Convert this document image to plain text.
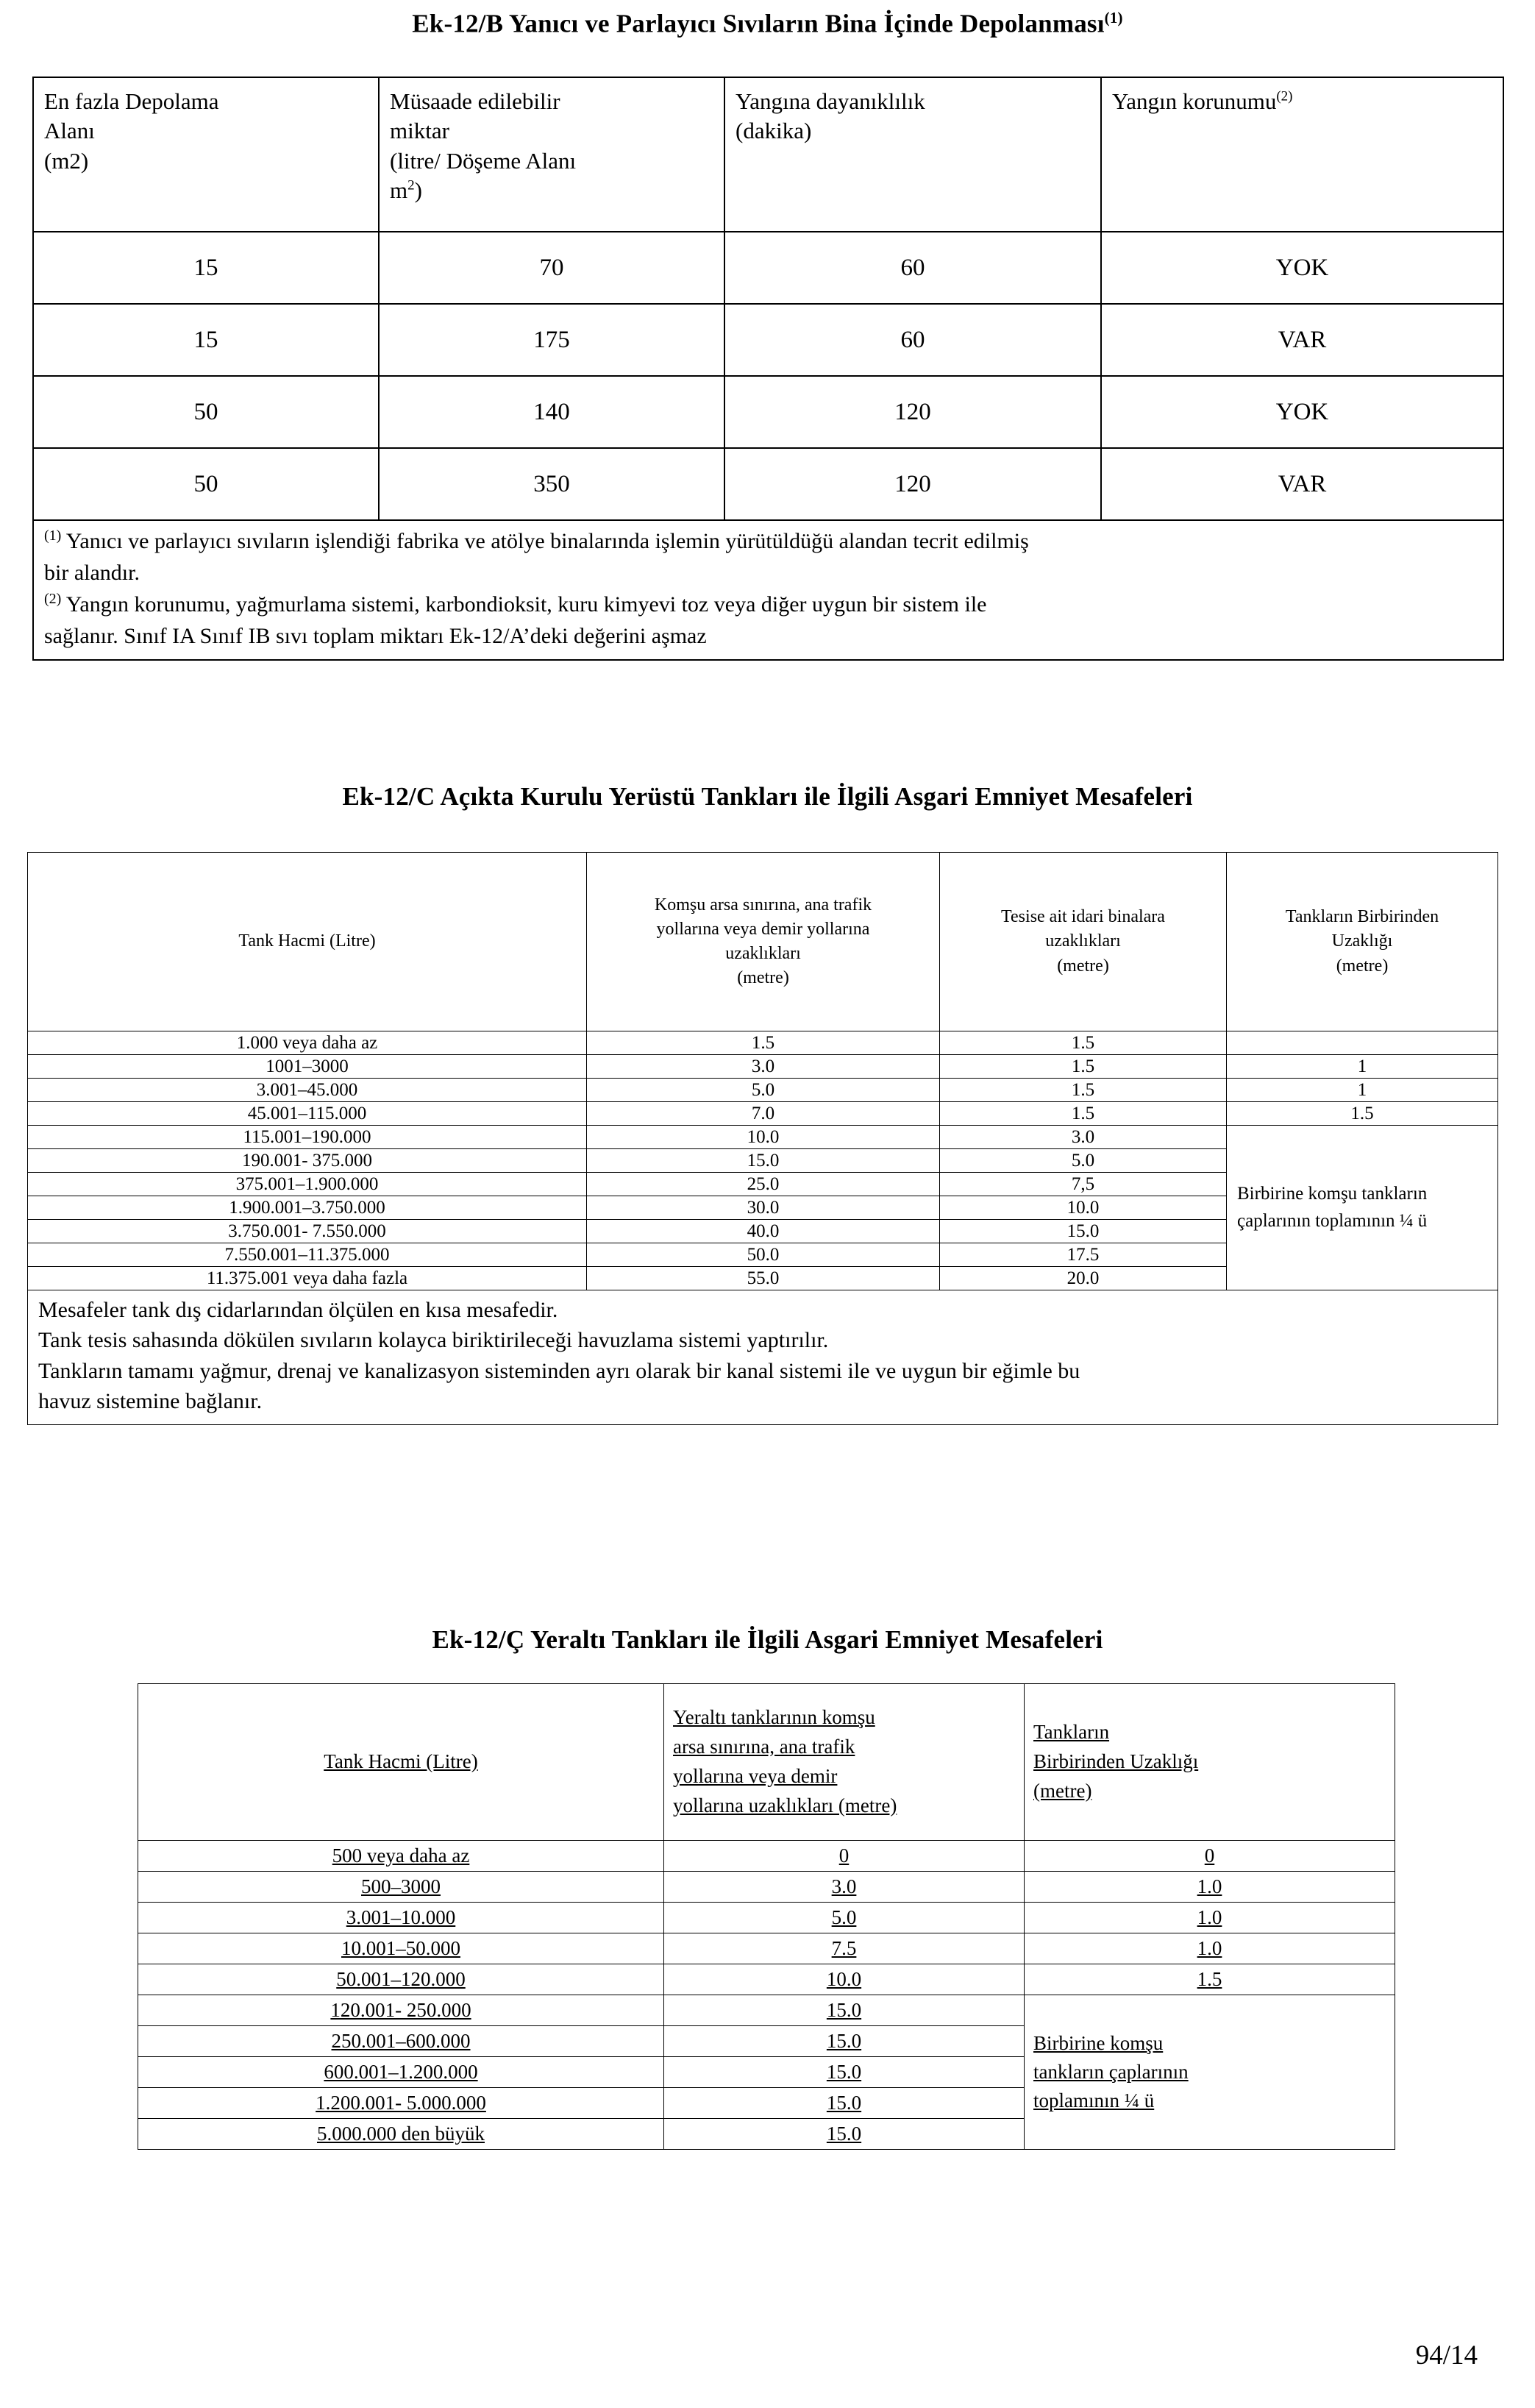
Ek-12/B Yanıcı ve Parlayıcı Sıvıların Bina İçinde Depolanması$^{(1)}$
En fazla Depolama
Alanı
(m2)

Müsaade edilebilir
miktar
(litre/ Döşeme Alanı
$m^2$)

Yangına dayanıklılık
(dakika)

Yangın korunumu$^{(2)}$

15	70	60	YOK
15	175	60	VAR
50	140	120	YOK
50	350	120	VAR

$^{(1)}$ Yanıcı ve parlayıcı sıvıların işlendiği fabrika ve atölye binalarında işlemin yürütüldüğü alandan tecrit edilmiş
bir alandır.
$^{(2)}$ Yangın korunumu, yağmurlama sistemi, karbondioksit, kuru kimyevi toz veya diğer uygun bir sistem ile
sağlanır. Sınıf IA Sınıf IB sıvı toplam miktarı Ek-12/A’deki değerini aşmaz			
Ek-12/C Açıkta Kurulu Yerüstü Tankları ile İlgili Asgari Emniyet Mesafeleri
Tank Hacmi (Litre)

Komşu arsa sınırına, ana trafik
yollarına veya demir yollarına
uzaklıkları
(metre)

Tesise ait idari binalara
uzaklıkları
(metre)

Tankların Birbirinden
Uzaklığı
(metre)

1.000 veya daha az	1.5	1.5	
1001–3000	3.0	1.5	1
3.001–45.000	5.0	1.5	1
45.001–115.000	7.0	1.5	1.5
115.001–190.000	10.0	3.0	Birbirine komşu tankların çaplarının toplamının ¼ ü
190.001- 375.000	15.0	5.0	
375.001–1.900.000	25.0	7,5	
1.900.001–3.750.000	30.0	10.0	
3.750.001- 7.550.000	40.0	15.0	
7.550.001–11.375.000	50.0	17.5	
11.375.001 veya daha fazla	55.0	20.0	

Mesafeler tank dış cidarlarından ölçülen en kısa mesafedir.
Tank tesis sahasında dökülen sıvıların kolayca biriktirileceği havuzlama sistemi yaptırılır.
Tankların tamamı yağmur, drenaj ve kanalizasyon sisteminden ayrı olarak bir kanal sistemi ile ve uygun bir eğimle bu
havuz sistemine bağlanır.			
Ek-12/Ç Yeraltı Tankları ile İlgili Asgari Emniyet Mesafeleri
Tank Hacmi (Litre)	
Yeraltı tanklarının komşu
arsa sınırına, ana trafik
yollarına veya demir
yollarına uzaklıkları (metre)

Tankların
Birbirinden Uzaklığı
(metre)

500 veya daha az	0	0
500–3000	3.0	1.0
3.001–10.000	5.0	1.0
10.001–50.000	7.5	1.0
50.001–120.000	10.0	1.5
120.001- 250.000	15.0	Birbirine komşu
tankların çaplarının
toplamının ¼ ü

250.001–600.000	15.0	
600.001–1.200.000	15.0	
1.200.001- 5.000.000	15.0	
5.000.000 den büyük	15.0	
94/14
